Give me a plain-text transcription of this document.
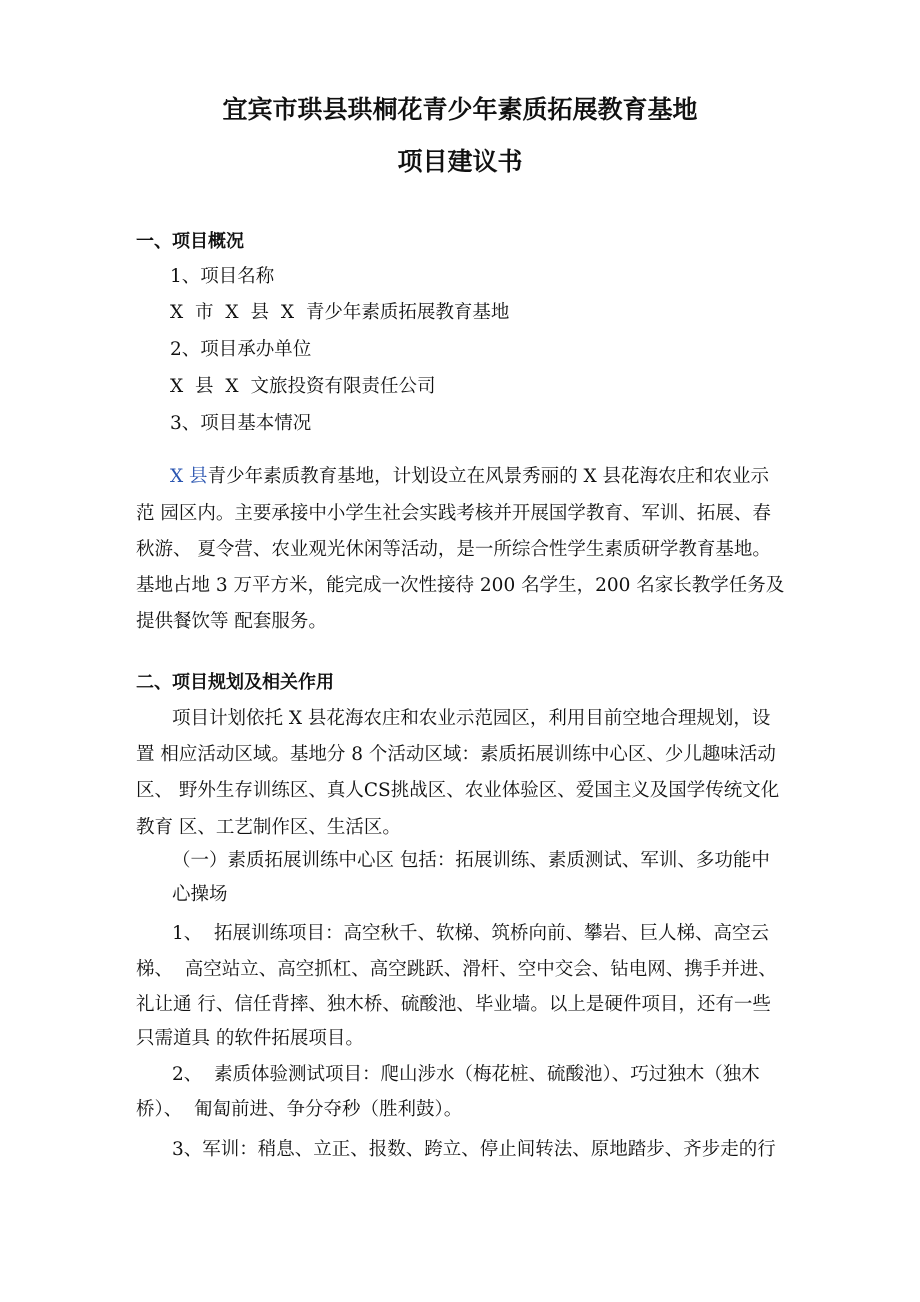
宜宾市珙县珙桐花青少年素质拓展教育基地
项目建议书
一、项目概况
1、项目名称
X 市 X 县 X 青少年素质拓展教育基地
2、项目承办单位
X 县 X 文旅投资有限责任公司
3、项目基本情况
X 县青少年素质教育基地，计划设立在风景秀丽的 X 县花海农庄和农业示
范 园区内。主要承接中小学生社会实践考核并开展国学教育、军训、拓展、春
秋游、 夏令营、农业观光休闲等活动，是一所综合性学生素质研学教育基地。
基地占地 3 万平方米，能完成一次性接待 200 名学生，200 名家长教学任务及
提供餐饮等 配套服务。
二、项目规划及相关作用
项目计划依托 X 县花海农庄和农业示范园区，利用目前空地合理规划，设
置 相应活动区域。基地分 8 个活动区域：素质拓展训练中心区、少儿趣味活动
区、 野外生存训练区、真人CS挑战区、农业体验区、爱国主义及国学传统文化
教育 区、工艺制作区、生活区。
（一）素质拓展训练中心区 包括：拓展训练、素质测试、军训、多功能中
心操场
1、  拓展训练项目：高空秋千、软梯、筑桥向前、攀岩、巨人梯、高空云
梯、  高空站立、高空抓杠、高空跳跃、滑杆、空中交会、钻电网、携手并进、
礼让通 行、信任背摔、独木桥、硫酸池、毕业墙。以上是硬件项目，还有一些
只需道具 的软件拓展项目。
2、  素质体验测试项目：爬山涉水（梅花桩、硫酸池）、巧过独木（独木
桥）、  匍匐前进、争分夺秒（胜利鼓）。
3、军训：稍息、立正、报数、跨立、停止间转法、原地踏步、齐步走的行
